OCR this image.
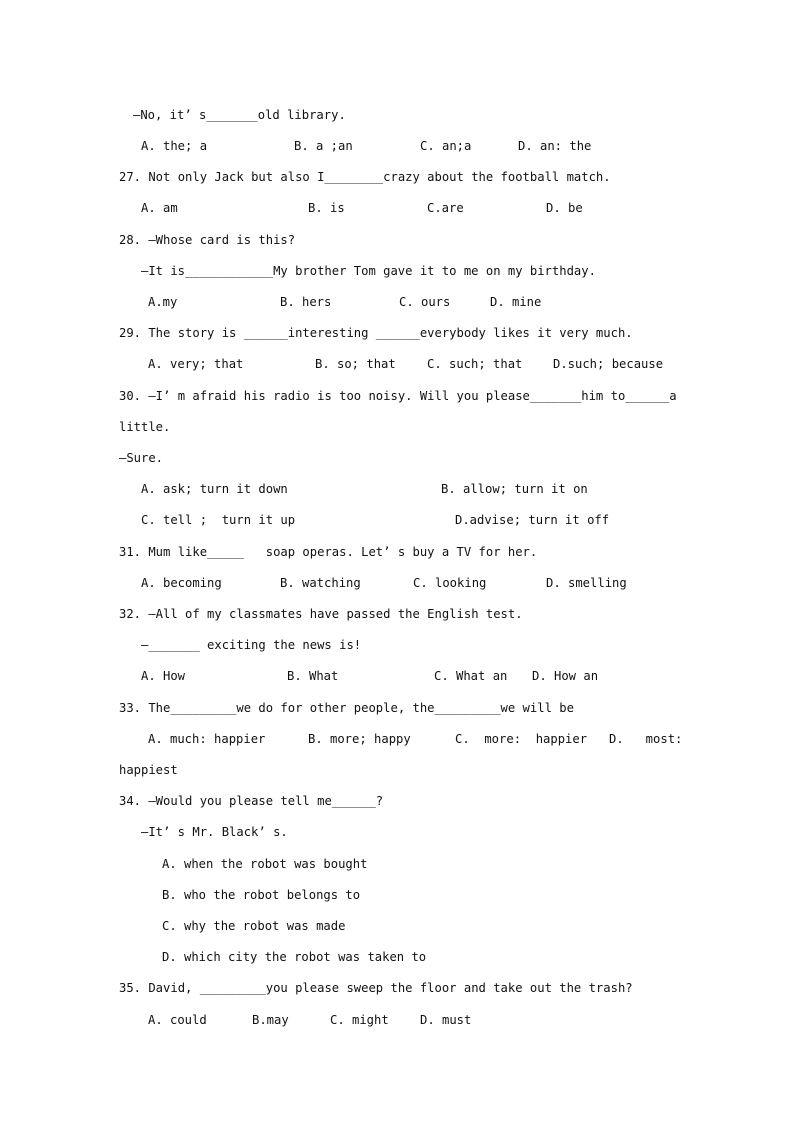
—No, it’ s_______old library.
A. the; a	B. a ;an	C. an;a	D. an: the
27. Not only Jack but also I________crazy about the football match.
A. am	B. is	C.are	D. be
28. —Whose card is this?
—It is____________My brother Tom gave it to me on my birthday.
A.my	B. hers	C. ours	D. mine
29. The story is ______interesting ______everybody likes it very much.
A. very; that	B. so; that	C. such; that	D.such; because
30. —I’ m afraid his radio is too noisy. Will you please_______him to______a
little.
—Sure.
A. ask; turn it down	B. allow; turn it on
C. tell ;  turn it up	D.advise; turn it off
31. Mum like_____   soap operas. Let’ s buy a TV for her.
A. becoming	B. watching	C. looking	D. smelling
32. —All of my classmates have passed the English test.
—_______ exciting the news is!
A. How	B. What	C. What an D. How an
33. The_________we do for other people, the_________we will be
A. much: happier	B. more; happy	C.  more:  happier D.   most:
happiest
34. —Would you please tell me______?
—It’ s Mr. Black’ s.
A. when the robot was bought
B. who the robot belongs to
C. why the robot was made
D. which city the robot was taken to
35. David, _________you please sweep the floor and take out the trash?
A. could	B.may	C. might	D. must
